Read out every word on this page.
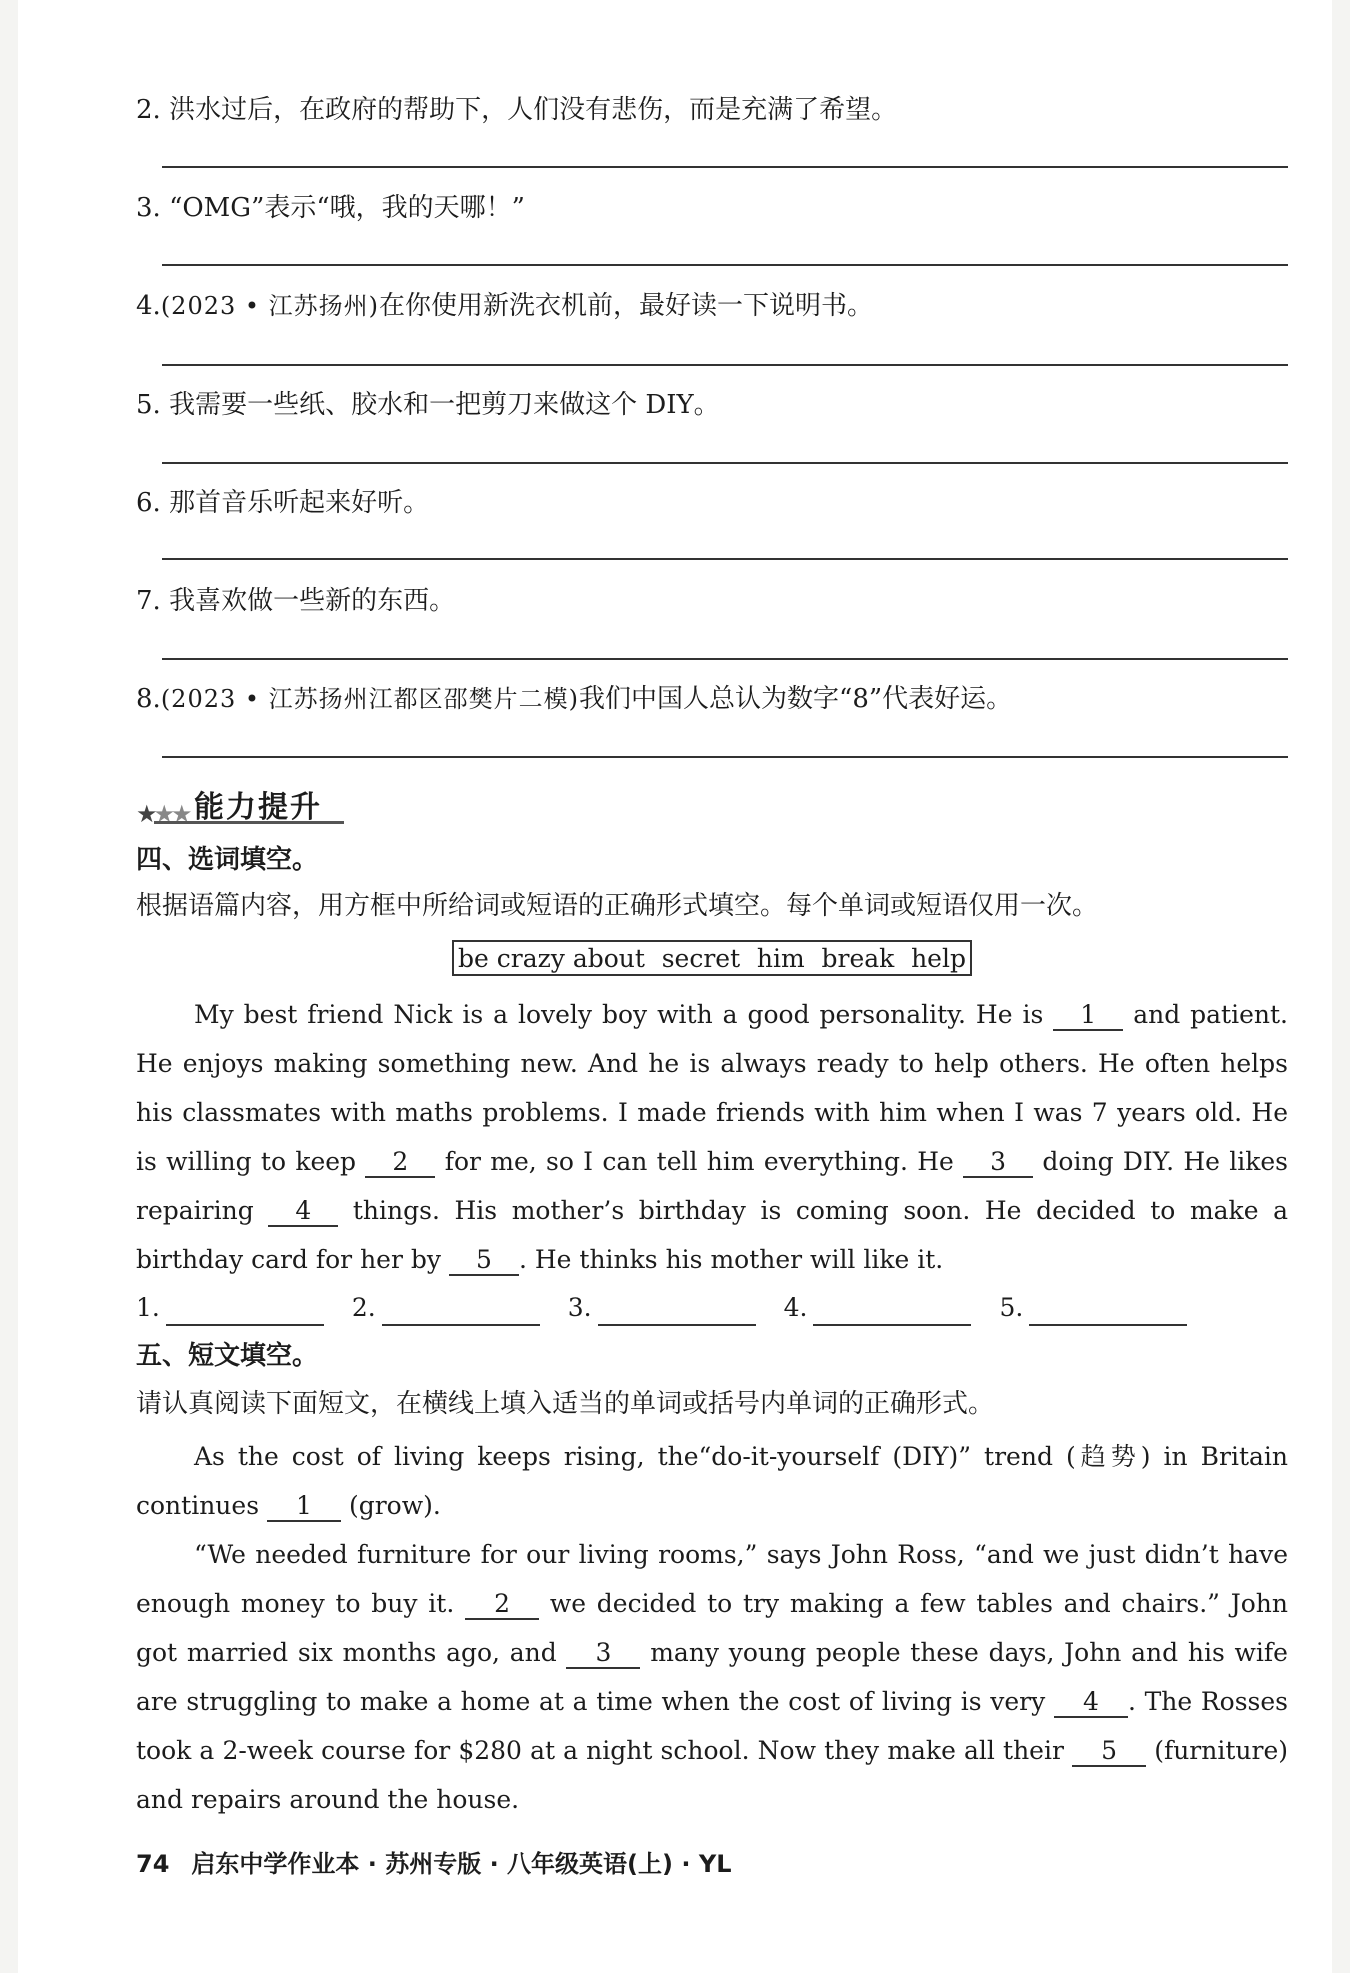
2. 洪水过后，在政府的帮助下，人们没有悲伤，而是充满了希望。
3. “OMG”表示“哦，我的天哪！”
4.(2023 • 江苏扬州)在你使用新洗衣机前，最好读一下说明书。
5. 我需要一些纸、胶水和一把剪刀来做这个 DIY。
6. 那首音乐听起来好听。
7. 我喜欢做一些新的东西。
8.(2023 • 江苏扬州江都区邵樊片二模)我们中国人总认为数字“8”代表好运。
★★★ 能力提升
四、选词填空。
根据语篇内容，用方框中所给词或短语的正确形式填空。每个单词或短语仅用一次。
be crazy about secret him break help
My best friend Nick is a lovely boy with a good personality. He is 1 and patient. He enjoys making something new. And he is always ready to help others. He often helps his classmates with maths problems. I made friends with him when I was 7 years old. He is willing to keep 2 for me, so I can tell him everything. He 3 doing DIY. He likes repairing 4 things. His mother’s birthday is coming soon. He decided to make a birthday card for her by 5 . He thinks his mother will like it.
1.	2.	3.	4.	5.
五、短文填空。
请认真阅读下面短文，在横线上填入适当的单词或括号内单词的正确形式。
As the cost of living keeps rising, the“do-it-yourself (DIY)” trend (趋势) in Britain continues 1 (grow).
“We needed furniture for our living rooms,” says John Ross, “and we just didn’t have enough money to buy it. 2 we decided to try making a few tables and chairs.” John got married six months ago, and 3 many young people these days, John and his wife are struggling to make a home at a time when the cost of living is very 4 . The Rosses took a 2-week course for $280 at a night school. Now they make all their 5 (furniture) and repairs around the house.
74 启东中学作业本 · 苏州专版 · 八年级英语(上) · YL
